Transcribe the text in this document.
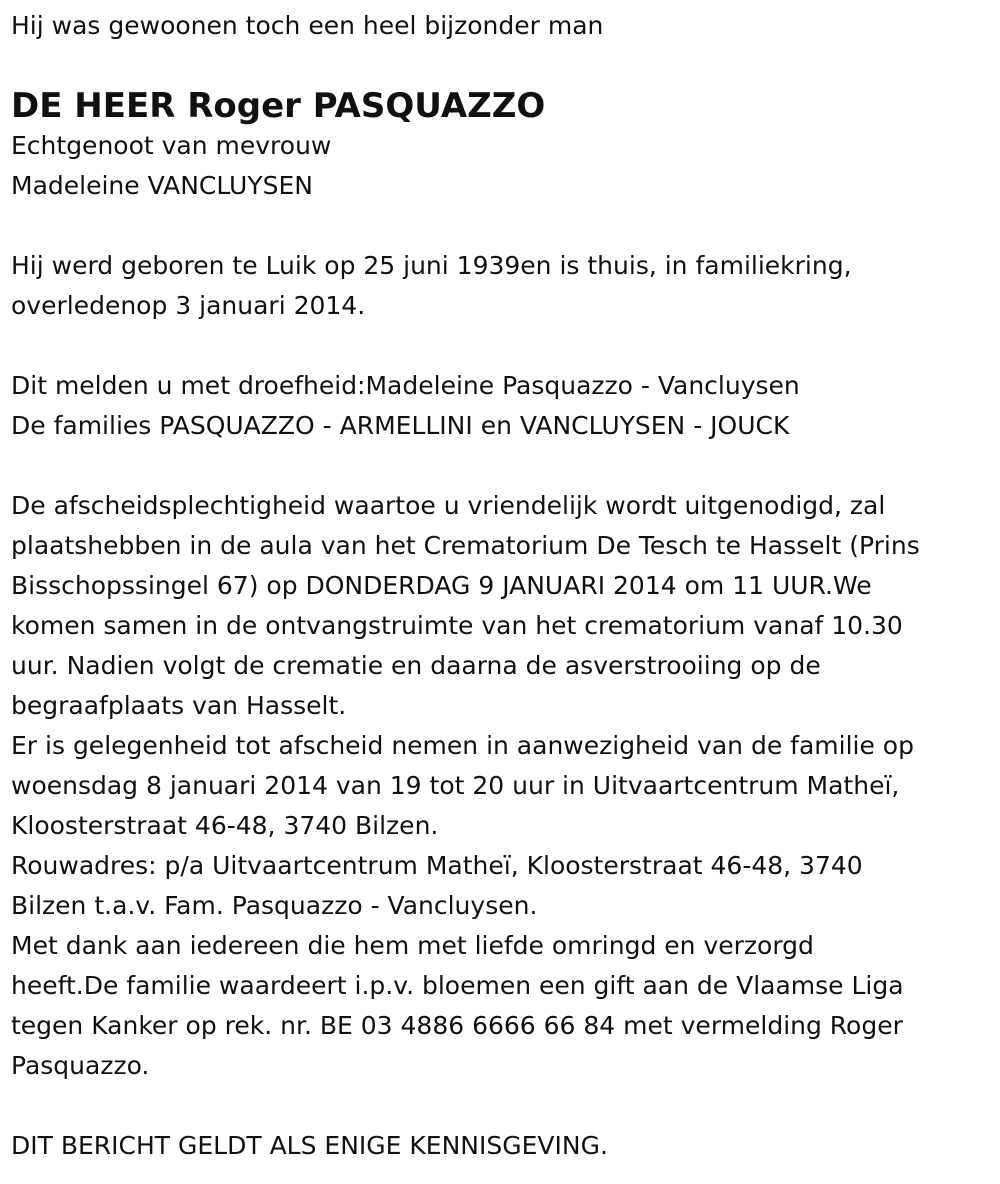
Hij was gewoonen toch een heel bijzonder man

DE HEER Roger PASQUAZZO

Echtgenoot van mevrouw

Madeleine VANCLUYSEN

Hij werd geboren te Luik op 25 juni 1939en is thuis, in familiekring,

overledenop 3 januari 2014.

Dit melden u met droefheid:Madeleine Pasquazzo - Vancluysen

De families PASQUAZZO - ARMELLINI en VANCLUYSEN - JOUCK

De afscheidsplechtigheid waartoe u vriendelijk wordt uitgenodigd, zal

plaatshebben in de aula van het Crematorium De Tesch te Hasselt (Prins

Bisschopssingel 67) op DONDERDAG 9 JANUARI 2014 om 11 UUR.We

komen samen in de ontvangstruimte van het crematorium vanaf 10.30

uur. Nadien volgt de crematie en daarna de asverstrooiing op de

begraafplaats van Hasselt.

Er is gelegenheid tot afscheid nemen in aanwezigheid van de familie op

woensdag 8 januari 2014 van 19 tot 20 uur in Uitvaartcentrum Matheï,

Kloosterstraat 46-48, 3740 Bilzen.

Rouwadres: p/a Uitvaartcentrum Matheï, Kloosterstraat 46-48, 3740

Bilzen t.a.v. Fam. Pasquazzo - Vancluysen.

Met dank aan iedereen die hem met liefde omringd en verzorgd

heeft.De familie waardeert i.p.v. bloemen een gift aan de Vlaamse Liga

tegen Kanker op rek. nr. BE 03 4886 6666 66 84 met vermelding Roger

Pasquazzo.

DIT BERICHT GELDT ALS ENIGE KENNISGEVING.
